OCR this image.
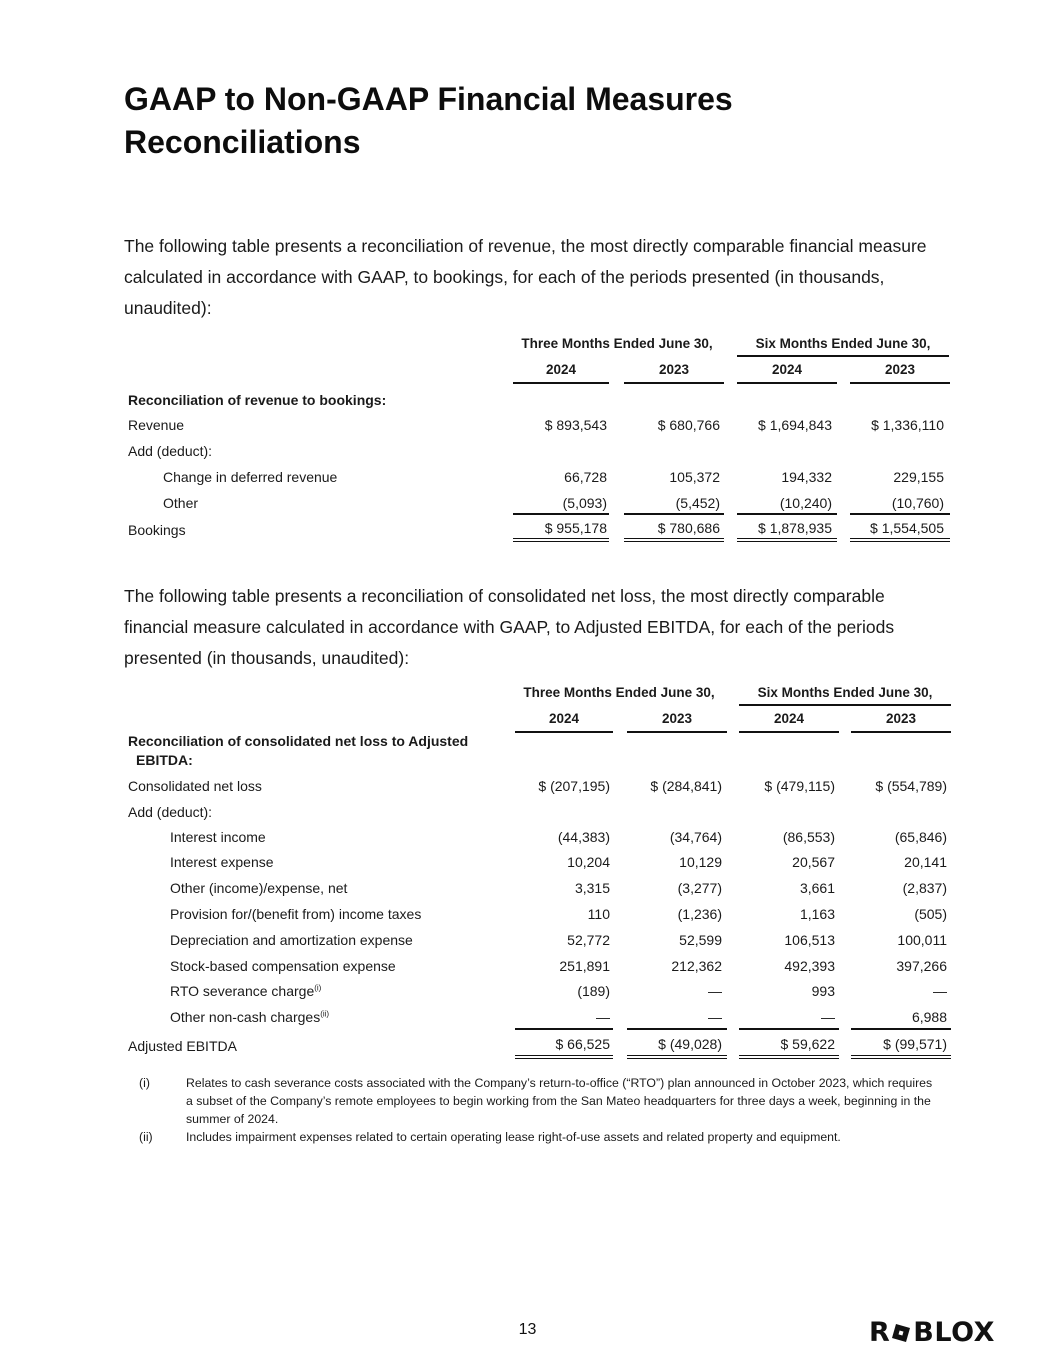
GAAP to Non-GAAP Financial Measures Reconciliations

The following table presents a reconciliation of revenue, the most directly comparable financial measure calculated in accordance with GAAP, to bookings, for each of the periods presented (in thousands, unaudited):

Three Months Ended June 30,	Six Months Ended June 30,
2024	2023	2024	2023
Reconciliation of revenue to bookings:
Revenue	$ 893,543	$ 680,766	$ 1,694,843	$ 1,336,110
Add (deduct):
Change in deferred revenue	66,728	105,372	194,332	229,155
Other	(5,093)	(5,452)	(10,240)	(10,760)
Bookings	$ 955,178	$ 780,686	$ 1,878,935	$ 1,554,505

The following table presents a reconciliation of consolidated net loss, the most directly comparable financial measure calculated in accordance with GAAP, to Adjusted EBITDA, for each of the periods presented (in thousands, unaudited):

Three Months Ended June 30,	Six Months Ended June 30,
2024	2023	2024	2023
Reconciliation of consolidated net loss to Adjusted
EBITDA:
Consolidated net loss	$ (207,195)	$ (284,841)	$ (479,115)	$ (554,789)
Add (deduct):
Interest income	(44,383)	(34,764)	(86,553)	(65,846)
Interest expense	10,204	10,129	20,567	20,141
Other (income)/expense, net	3,315	(3,277)	3,661	(2,837)
Provision for/(benefit from) income taxes	110	(1,236)	1,163	(505)
Depreciation and amortization expense	52,772	52,599	106,513	100,011
Stock-based compensation expense	251,891	212,362	492,393	397,266
RTO severance charge$^{(i)}$	(189)	—	993	—
Other non-cash charges$^{(ii)}$	—	—	—	6,988
Adjusted EBITDA	$ 66,525	$ (49,028)	$ 59,622	$ (99,571)
(i)	Relates to cash severance costs associated with the Company’s return-to-office (“RTO”) plan announced in October 2023, which requires a subset of the Company’s remote employees to begin working from the San Mateo headquarters for three days a week, beginning in the summer of 2024.
(ii)	Includes impairment expenses related to certain operating lease right-of-use assets and related property and equipment.
13	R BLOX
